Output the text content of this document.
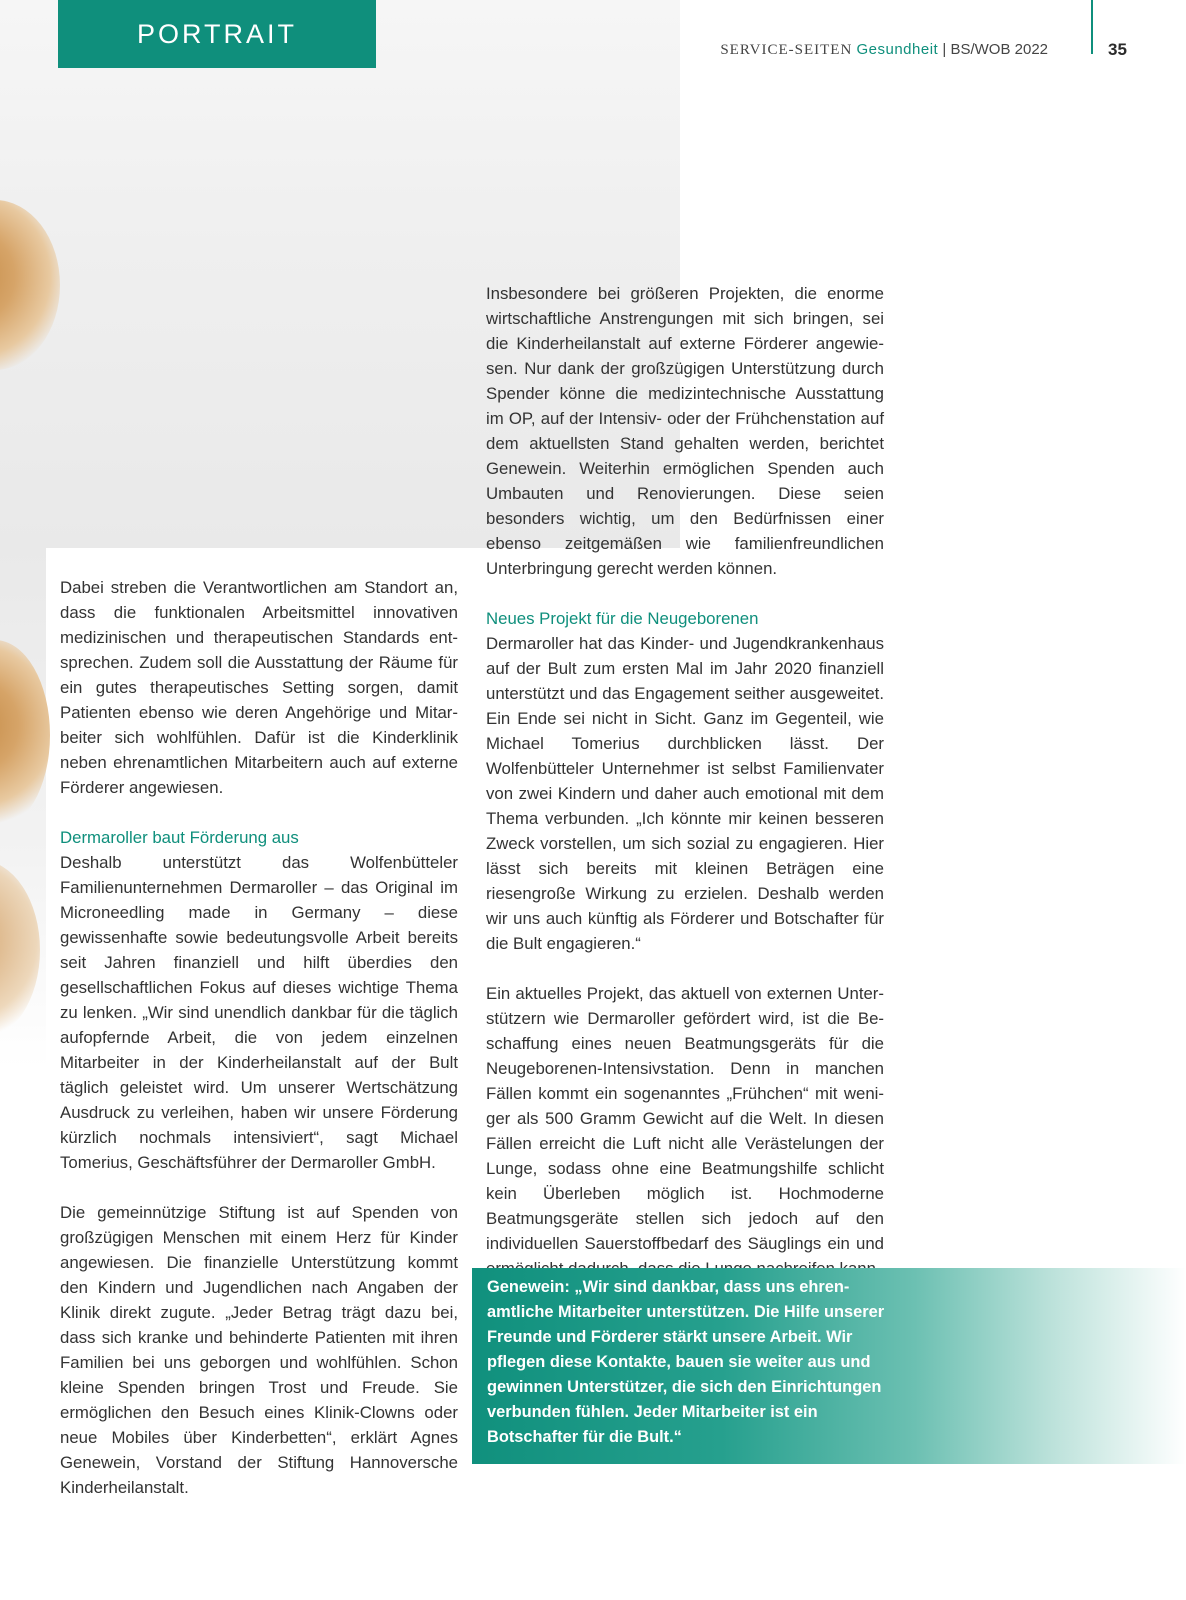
PORTRAIT
SERVICE-SEITEN Gesundheit | BS/WOB 2022	35

Dabei streben die Verantwortlichen am Standort an, dass die funktionalen Arbeitsmittel innovativen medizinischen und therapeutischen Standards entsprechen. Zudem soll die Ausstattung der Räume für ein gutes therapeutisches Setting sorgen, damit Patienten ebenso wie deren Angehörige und Mitarbeiter sich wohlfühlen. Dafür ist die Kinderklinik neben ehrenamtlichen Mitarbeitern auch auf externe Förderer angewiesen.

Dermaroller baut Förderung aus

Deshalb unterstützt das Wolfenbütteler Familienunternehmen Dermaroller – das Original im Microneedling made in Germany – diese gewissenhafte sowie bedeutungsvolle Arbeit bereits seit Jahren finanziell und hilft überdies den gesellschaftlichen Fokus auf dieses wichtige Thema zu lenken. „Wir sind unendlich dankbar für die täglich aufopfernde Arbeit, die von jedem einzelnen Mitarbeiter in der Kinderheilanstalt auf der Bult täglich geleistet wird. Um unserer Wertschätzung Ausdruck zu verleihen, haben wir unsere Förderung kürzlich nochmals intensiviert“, sagt Michael Tomerius, Geschäftsführer der Dermaroller GmbH.

Die gemeinnützige Stiftung ist auf Spenden von großzügigen Menschen mit einem Herz für Kinder angewiesen. Die finanzielle Unterstützung kommt den Kindern und Jugendlichen nach Angaben der Klinik direkt zugute. „Jeder Betrag trägt dazu bei, dass sich kranke und behinderte Patienten mit ihren Familien bei uns geborgen und wohlfühlen. Schon kleine Spenden bringen Trost und Freude. Sie ermöglichen den Besuch eines Klinik-Clowns oder neue Mobiles über Kinderbetten“, erklärt Agnes Genewein, Vorstand der Stiftung Hannoversche Kinderheilanstalt.

Insbesondere bei größeren Projekten, die enorme wirtschaftliche Anstrengungen mit sich bringen, sei die Kinderheilanstalt auf externe Förderer angewiesen. Nur dank der großzügigen Unterstützung durch Spender könne die medizintechnische Ausstattung im OP, auf der Intensiv- oder der Frühchenstation auf dem aktuellsten Stand gehalten werden, berichtet Genewein. Weiterhin ermöglichen Spenden auch Umbauten und Renovierungen. Diese seien besonders wichtig, um den Bedürfnissen einer ebenso zeitgemäßen wie familienfreundlichen Unterbringung gerecht werden können.

Neues Projekt für die Neugeborenen

Dermaroller hat das Kinder- und Jugendkrankenhaus auf der Bult zum ersten Mal im Jahr 2020 finanziell unterstützt und das Engagement seither ausgeweitet. Ein Ende sei nicht in Sicht. Ganz im Gegenteil, wie Michael Tomerius durchblicken lässt. Der Wolfenbütteler Unternehmer ist selbst Familienvater von zwei Kindern und daher auch emotional mit dem Thema verbunden. „Ich könnte mir keinen besseren Zweck vorstellen, um sich sozial zu engagieren. Hier lässt sich bereits mit kleinen Beträgen eine riesengroße Wirkung zu erzielen. Deshalb werden wir uns auch künftig als Förderer und Botschafter für die Bult engagieren.“

Ein aktuelles Projekt, das aktuell von externen Unterstützern wie Dermaroller gefördert wird, ist die Beschaffung eines neuen Beatmungsgeräts für die Neugeborenen-Intensivstation. Denn in manchen Fällen kommt ein sogenanntes „Frühchen“ mit weniger als 500 Gramm Gewicht auf die Welt. In diesen Fällen erreicht die Luft nicht alle Verästelungen der Lunge, sodass ohne eine Beatmungshilfe schlicht kein Überleben möglich ist. Hochmoderne Beatmungsgeräte stellen sich jedoch auf den individuellen Sauerstoffbedarf des Säuglings ein und

Genewein: „Wir sind dankbar, dass uns ehrenamtliche Mitarbeiter unterstützen. Die Hilfe unserer Freunde und Förderer stärkt unsere Arbeit. Wir pflegen diese Kontakte, bauen sie weiter aus und gewinnen Unterstützer, die sich den Einrichtungen verbunden fühlen. Jeder Mitarbeiter ist ein Botschafter für die Bult.“
